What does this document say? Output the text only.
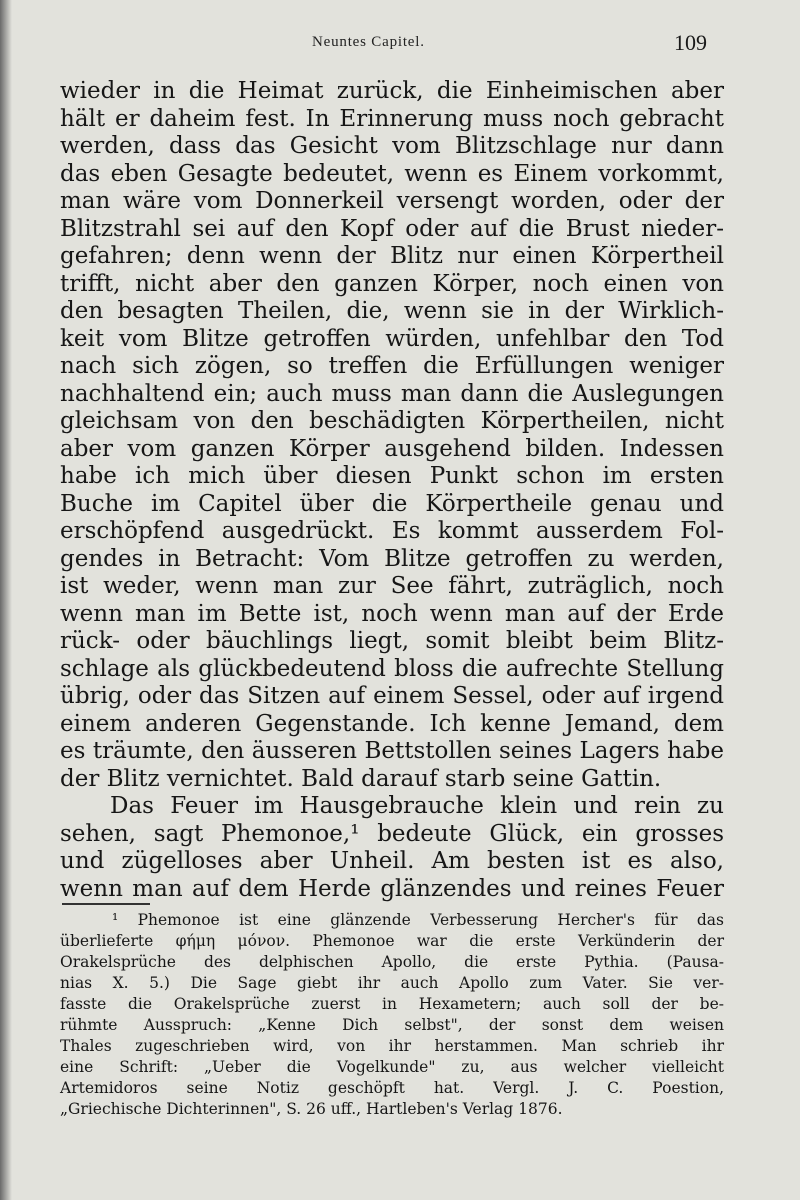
Neuntes Capitel.	109
wieder in die Heimat zurück, die Einheimischen aber
hält er daheim fest. In Erinnerung muss noch gebracht
werden, dass das Gesicht vom Blitzschlage nur dann
das eben Gesagte bedeutet, wenn es Einem vorkommt,
man wäre vom Donnerkeil versengt worden, oder der
Blitzstrahl sei auf den Kopf oder auf die Brust nieder-
gefahren; denn wenn der Blitz nur einen Körpertheil
trifft, nicht aber den ganzen Körper, noch einen von
den besagten Theilen, die, wenn sie in der Wirklich-
keit vom Blitze getroffen würden, unfehlbar den Tod
nach sich zögen, so treffen die Erfüllungen weniger
nachhaltend ein; auch muss man dann die Auslegungen
gleichsam von den beschädigten Körpertheilen, nicht
aber vom ganzen Körper ausgehend bilden. Indessen
habe ich mich über diesen Punkt schon im ersten
Buche im Capitel über die Körpertheile genau und
erschöpfend ausgedrückt. Es kommt ausserdem Fol-
gendes in Betracht: Vom Blitze getroffen zu werden,
ist weder, wenn man zur See fährt, zuträglich, noch
wenn man im Bette ist, noch wenn man auf der Erde
rück- oder bäuchlings liegt, somit bleibt beim Blitz-
schlage als glückbedeutend bloss die aufrechte Stellung
übrig, oder das Sitzen auf einem Sessel, oder auf irgend
einem anderen Gegenstande. Ich kenne Jemand, dem
es träumte, den äusseren Bettstollen seines Lagers habe
der Blitz vernichtet. Bald darauf starb seine Gattin.
Das Feuer im Hausgebrauche klein und rein zu
sehen, sagt Phemonoe,¹ bedeute Glück, ein grosses
und zügelloses aber Unheil. Am besten ist es also,
wenn man auf dem Herde glänzendes und reines Feuer
¹ Phemonoe ist eine glänzende Verbesserung Hercher's für das
überlieferte φήμη μόνον. Phemonoe war die erste Verkünderin der
Orakelsprüche des delphischen Apollo, die erste Pythia. (Pausa-
nias X. 5.) Die Sage giebt ihr auch Apollo zum Vater. Sie ver-
fasste die Orakelsprüche zuerst in Hexametern; auch soll der be-
rühmte Ausspruch: „Kenne Dich selbst", der sonst dem weisen
Thales zugeschrieben wird, von ihr herstammen. Man schrieb ihr
eine Schrift: „Ueber die Vogelkunde" zu, aus welcher vielleicht
Artemidoros seine Notiz geschöpft hat. Vergl. J. C. Poestion,
„Griechische Dichterinnen", S. 26 uff., Hartleben's Verlag 1876.
